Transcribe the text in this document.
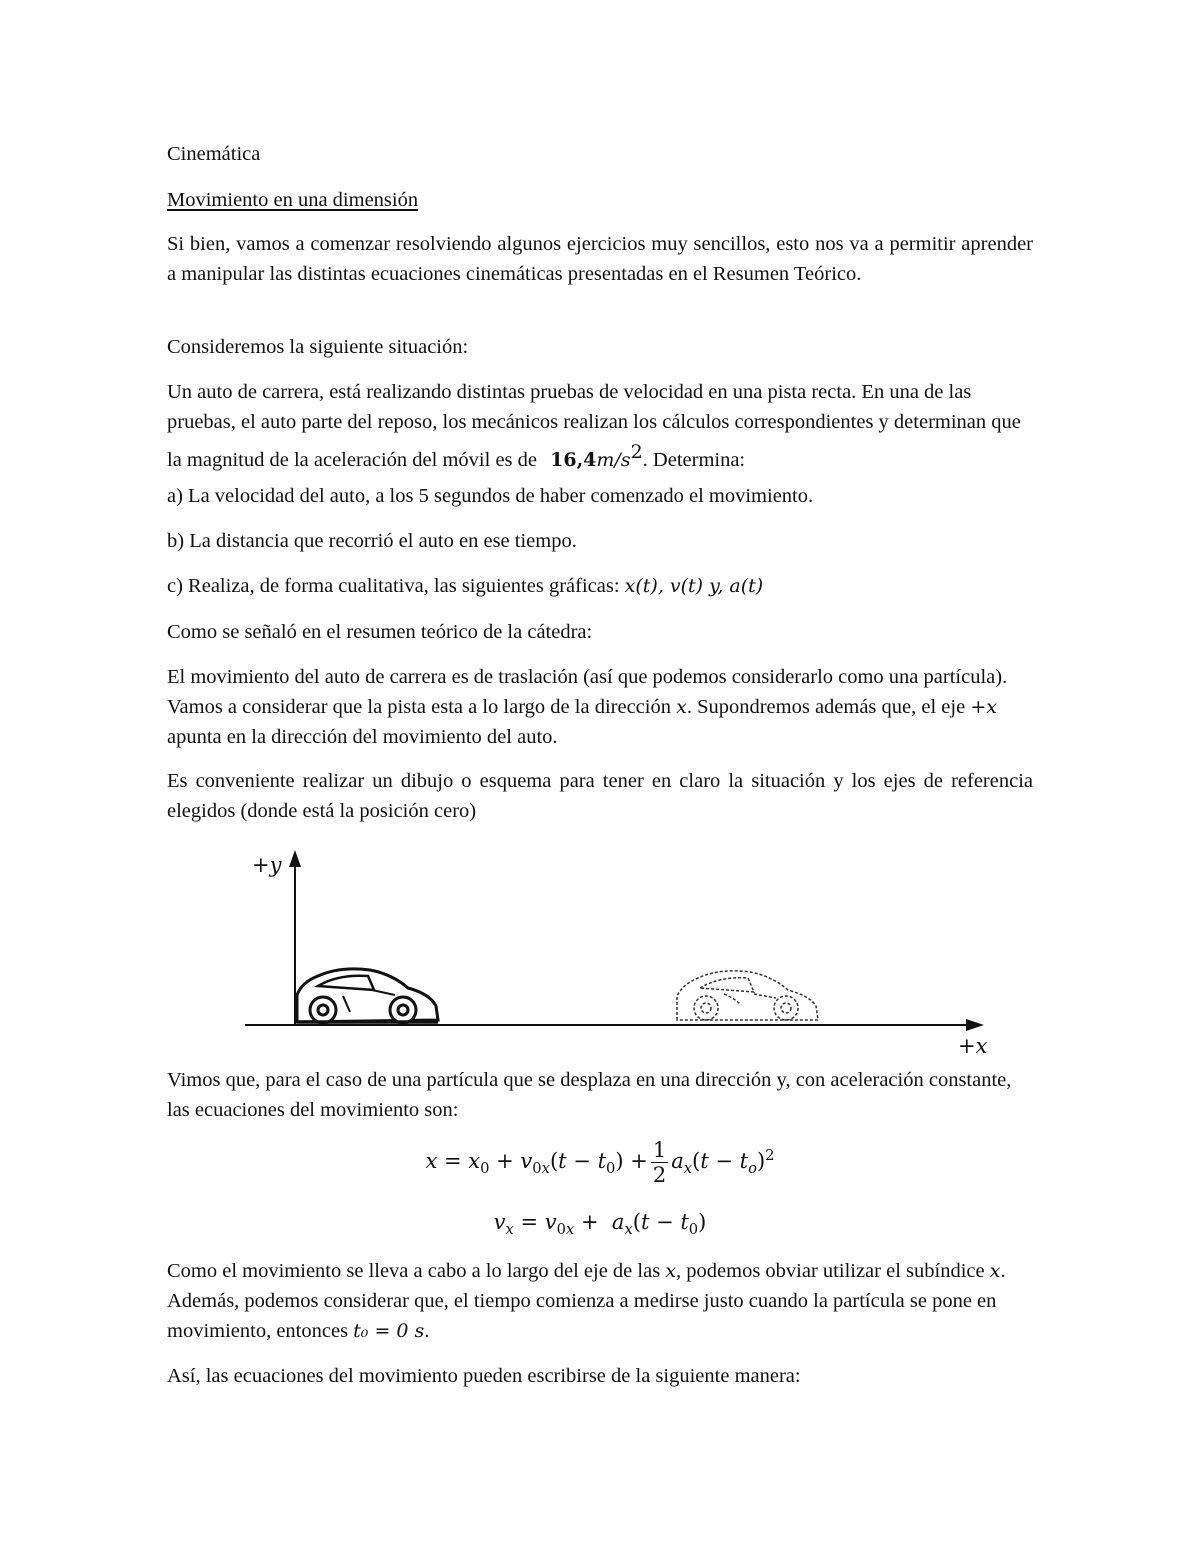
Cinemática

Movimiento en una dimensión

Si bien, vamos a comenzar resolviendo algunos ejercicios muy sencillos, esto nos va a permitir aprender a manipular las distintas ecuaciones cinemáticas presentadas en el Resumen Teórico.

Consideremos la siguiente situación:

Un auto de carrera, está realizando distintas pruebas de velocidad en una pista recta. En una de las pruebas, el auto parte del reposo, los mecánicos realizan los cálculos correspondientes y determinan que la magnitud de la aceleración del móvil es de $16,4m/s^2$. Determina:

a) La velocidad del auto, a los 5 segundos de haber comenzado el movimiento.

b) La distancia que recorrió el auto en ese tiempo.

c) Realiza, de forma cualitativa, las siguientes gráficas: x(t), v(t) y, a(t)

Como se señaló en el resumen teórico de la cátedra:

El movimiento del auto de carrera es de traslación (así que podemos considerarlo como una partícula). Vamos a considerar que la pista esta a lo largo de la dirección x. Supondremos además que, el eje +x apunta en la dirección del movimiento del auto.

Es conveniente realizar un dibujo o esquema para tener en claro la situación y los ejes de referencia elegidos (donde está la posición cero)

+y
+x

Vimos que, para el caso de una partícula que se desplaza en una dirección y, con aceleración constante, las ecuaciones del movimiento son:

$x = x_0 + v_{0x}(t - t_0) + \frac{1}{2} a_x(t - t_o)^2$
$v_x = v_{0x} + a_x(t - t_0)$

Como el movimiento se lleva a cabo a lo largo del eje de las x, podemos obviar utilizar el subíndice x. Además, podemos considerar que, el tiempo comienza a medirse justo cuando la partícula se pone en movimiento, entonces t₀ = 0 s.

Así, las ecuaciones del movimiento pueden escribirse de la siguiente manera:
